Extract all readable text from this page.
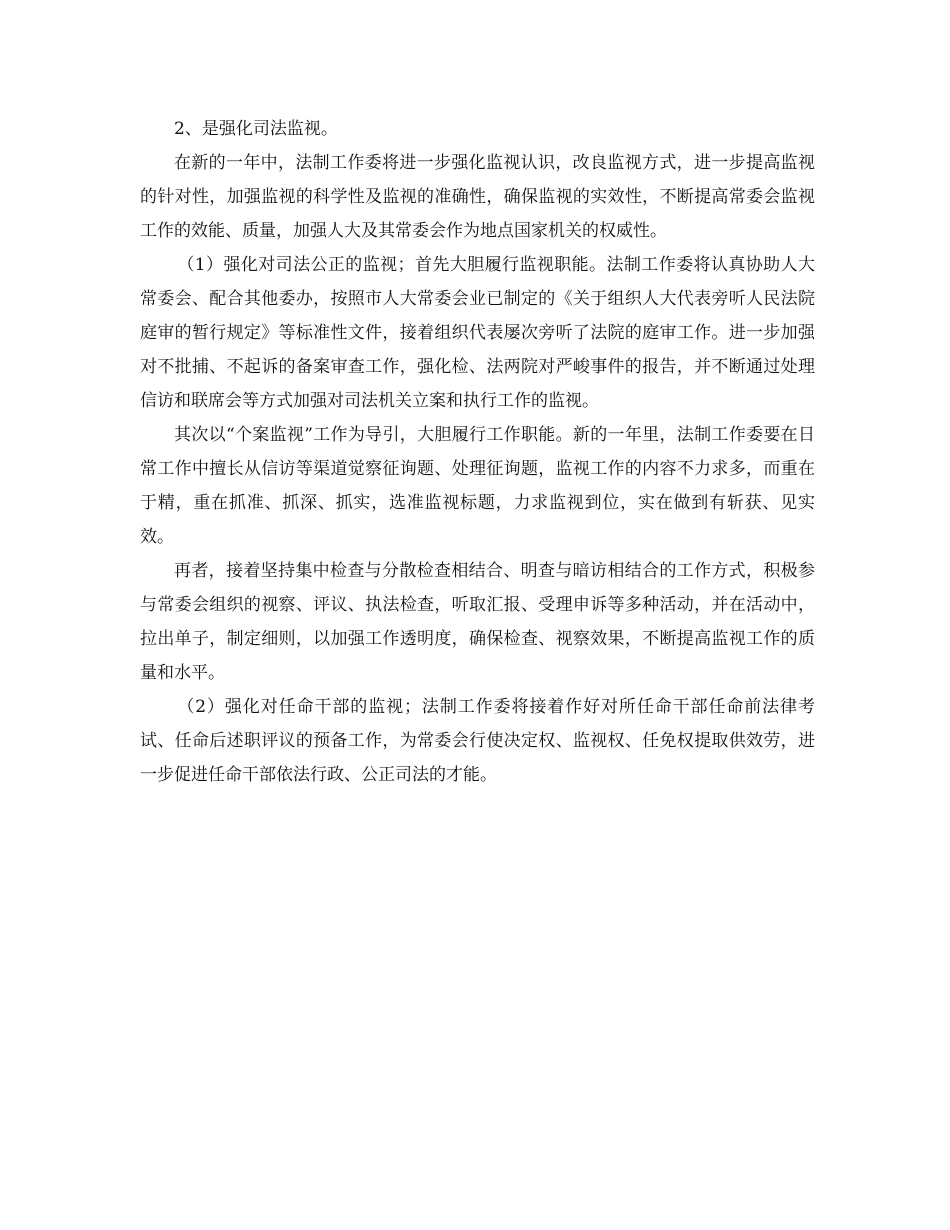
2、是强化司法监视。

在新的一年中，法制工作委将进一步强化监视认识，改良监视方式，进一步提高监视的针对性，加强监视的科学性及监视的准确性，确保监视的实效性，不断提高常委会监视工作的效能、质量，加强人大及其常委会作为地点国家机关的权威性。

（1）强化对司法公正的监视；首先大胆履行监视职能。法制工作委将认真协助人大常委会、配合其他委办，按照市人大常委会业已制定的《关于组织人大代表旁听人民法院庭审的暂行规定》等标准性文件，接着组织代表屡次旁听了法院的庭审工作。进一步加强对不批捕、不起诉的备案审查工作，强化检、法两院对严峻事件的报告，并不断通过处理信访和联席会等方式加强对司法机关立案和执行工作的监视。

其次以“个案监视”工作为导引，大胆履行工作职能。新的一年里，法制工作委要在日常工作中擅长从信访等渠道觉察征询题、处理征询题，监视工作的内容不力求多，而重在于精，重在抓准、抓深、抓实，选准监视标题，力求监视到位，实在做到有斩获、见实效。

再者，接着坚持集中检查与分散检查相结合、明查与暗访相结合的工作方式，积极参与常委会组织的视察、评议、执法检查，听取汇报、受理申诉等多种活动，并在活动中，拉出单子，制定细则，以加强工作透明度，确保检查、视察效果，不断提高监视工作的质量和水平。

（2）强化对任命干部的监视；法制工作委将接着作好对所任命干部任命前法律考试、任命后述职评议的预备工作，为常委会行使决定权、监视权、任免权提取供效劳，进一步促进任命干部依法行政、公正司法的才能。
